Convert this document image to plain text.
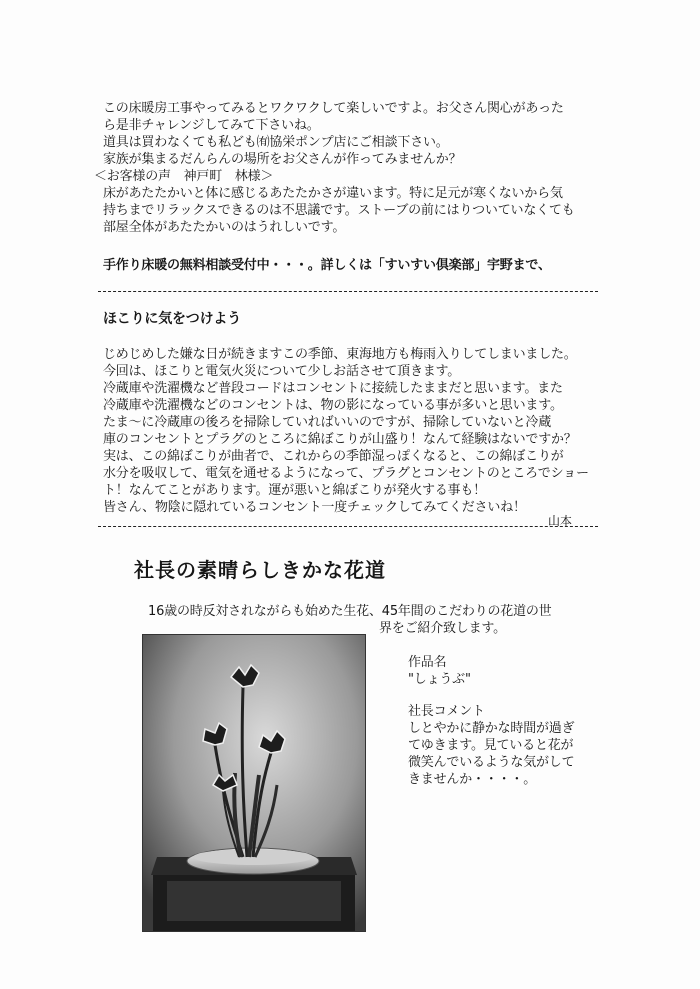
この床暖房工事やってみるとワクワクして楽しいですよ。お父さん関心があった

ら是非チャレンジしてみて下さいね。

道具は買わなくても私ども㈲協栄ポンプ店にご相談下さい。

家族が集まるだんらんの場所をお父さんが作ってみませんか？

＜お客様の声　神戸町　林様＞

床があたたかいと体に感じるあたたかさが違います。特に足元が寒くないから気

持ちまでリラックスできるのは不思議です。ストーブの前にはりついていなくても

部屋全体があたたかいのはうれしいです。

手作り床暖の無料相談受付中・・・。詳しくは「すいすい倶楽部」宇野まで、

ほこりに気をつけよう

じめじめした嫌な日が続きますこの季節、東海地方も梅雨入りしてしまいました。

今回は、ほこりと電気火災について少しお話させて頂きます。

冷蔵庫や洗濯機など普段コードはコンセントに接続したままだと思います。また

冷蔵庫や洗濯機などのコンセントは、物の影になっている事が多いと思います。

たま～に冷蔵庫の後ろを掃除していればいいのですが、掃除していないと冷蔵

庫のコンセントとプラグのところに綿ぼこりが山盛り！なんて経験はないですか？

実は、この綿ぼこりが曲者で、これからの季節湿っぽくなると、この綿ぼこりが

水分を吸収して、電気を通せるようになって、プラグとコンセントのところでショー

ト！なんてことがあります。運が悪いと綿ぼこりが発火する事も！

皆さん、物陰に隠れているコンセント一度チェックしてみてくださいね！

山本
社長の素晴らしきかな花道

16歳の時反対されながらも始めた生花、45年間のこだわりの花道の世

界をご紹介致します。

作品名

"しょうぶ"

社長コメント

しとやかに静かな時間が過ぎ

てゆきます。見ていると花が

微笑んでいるような気がして

きませんか・・・・。
